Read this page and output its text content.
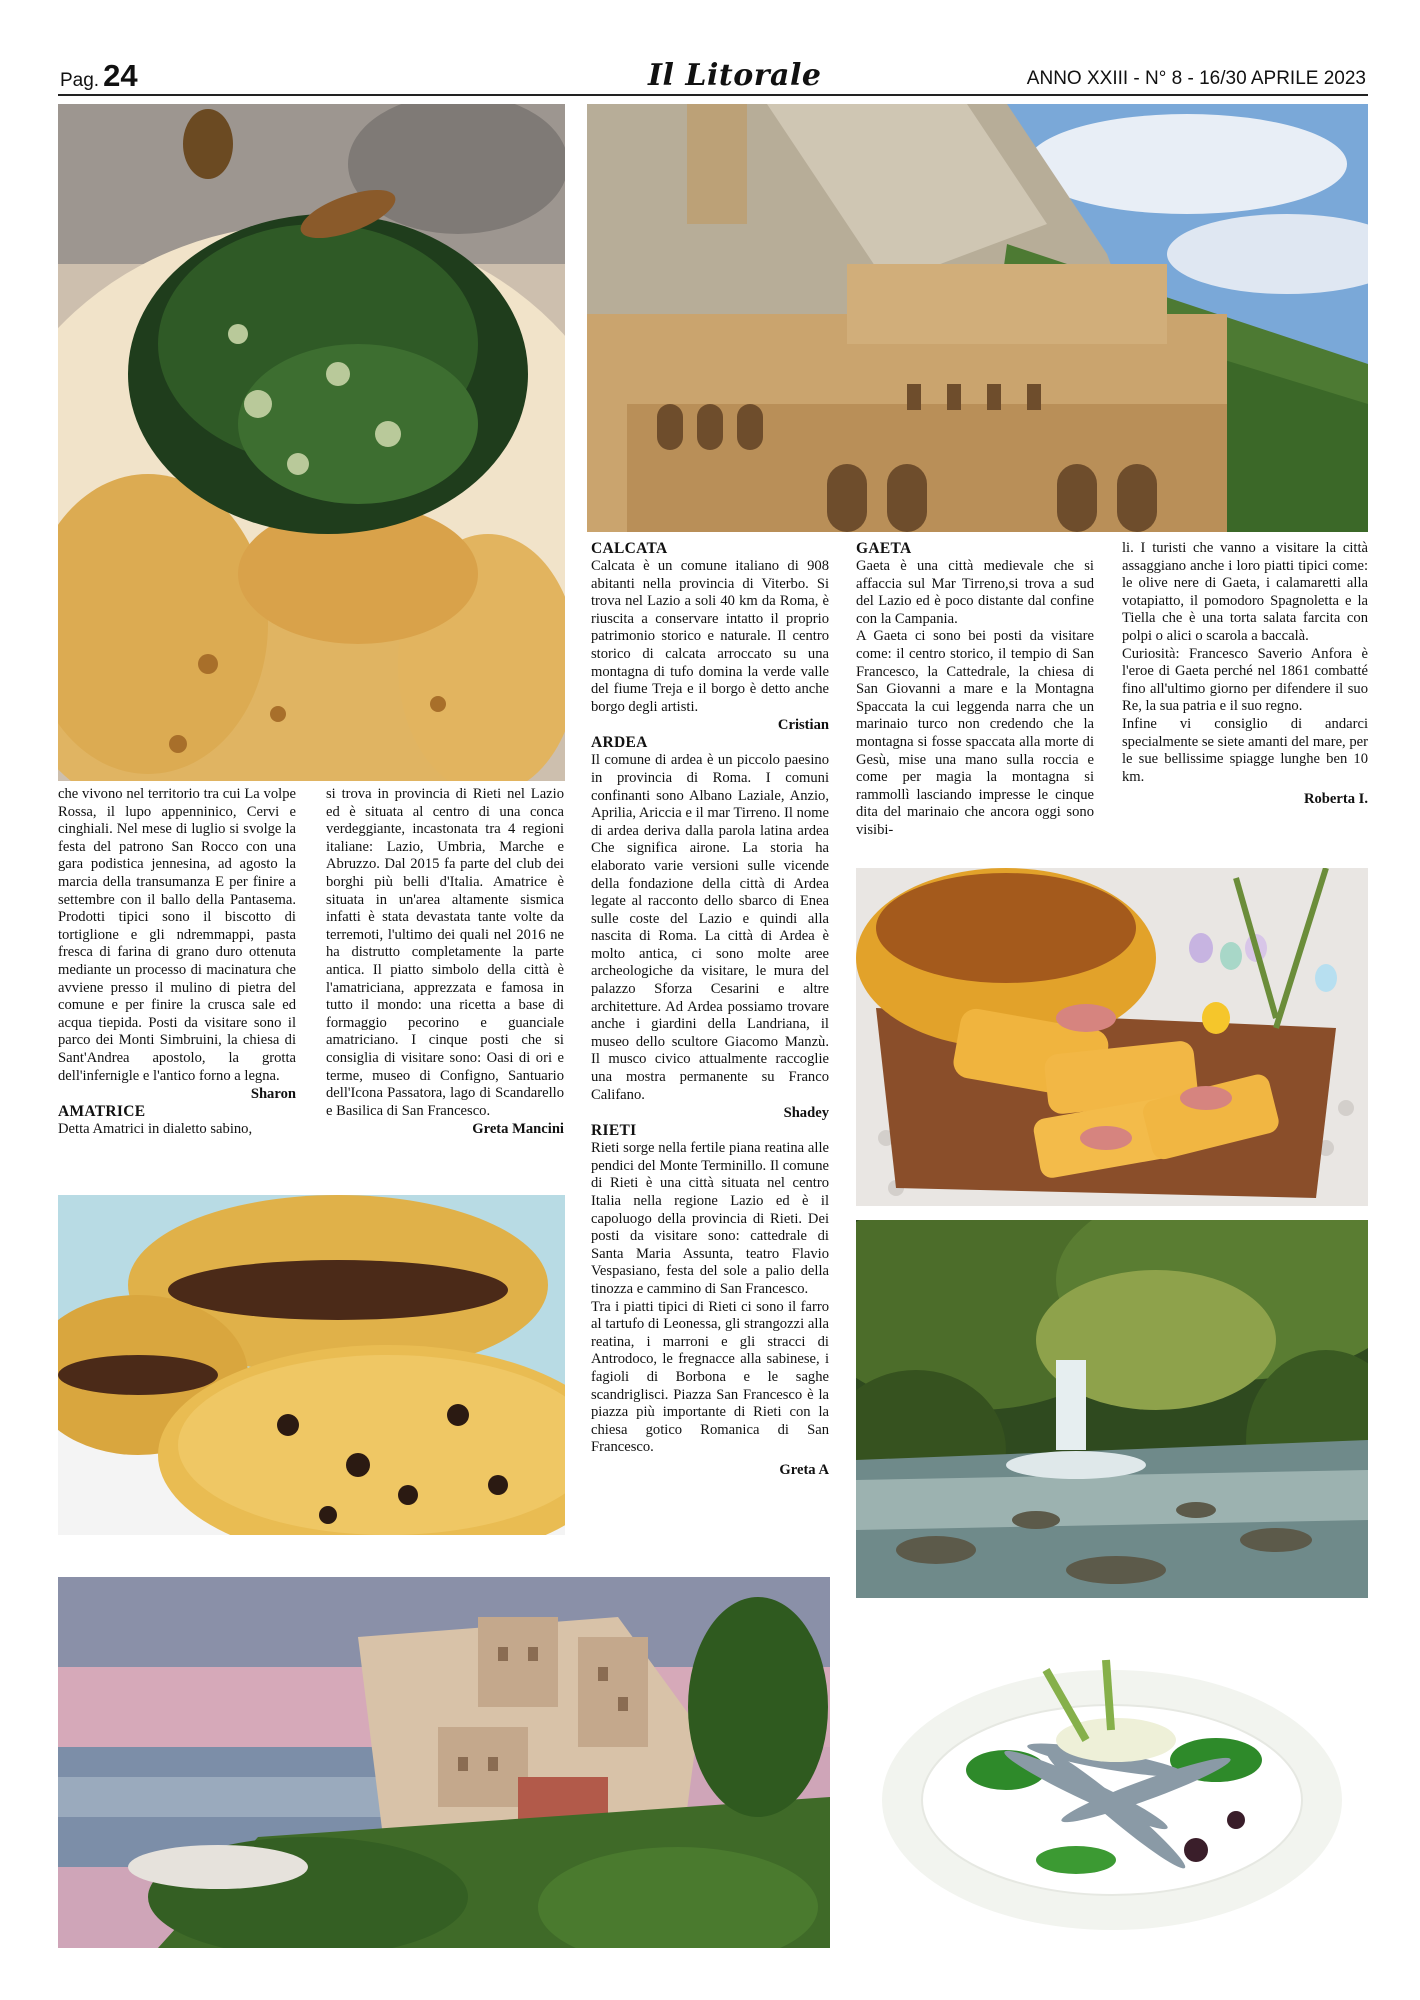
Pag. 24	Il Litorale	ANNO XXIII - N° 8 - 16/30 APRILE 2023

che vivono nel territorio tra cui La volpe Rossa, il lupo appenninico, Cervi e cinghiali. Nel mese di luglio si svolge la festa del patrono San Rocco con una gara podistica jennesina, ad agosto la marcia della transumanza E per finire a settembre con il ballo della Pantasema. Prodotti tipici sono il biscotto di tortiglione e gli ndremmappi, pasta fresca di farina di grano duro ottenuta mediante un processo di macinatura che avviene presso il mulino di pietra del comune e per finire la crusca sale ed acqua tiepida. Posti da visitare sono il parco dei Monti Simbruini, la chiesa di Sant'Andrea apostolo, la grotta dell'infernigle e l'antico forno a legna.

Sharon
AMATRICE

Detta Amatrici in dialetto sabino,

si trova in provincia di Rieti nel Lazio ed è situata al centro di una conca verdeggiante, incastonata tra 4 regioni italiane: Lazio, Umbria, Marche e Abruzzo. Dal 2015 fa parte del club dei borghi più belli d'Italia. Amatrice è situata in un'area altamente sismica infatti è stata devastata tante volte da terremoti, l'ultimo dei quali nel 2016 ne ha distrutto completamente la parte antica. Il piatto simbolo della città è l'amatriciana, apprezzata e famosa in tutto il mondo: una ricetta a base di formaggio pecorino e guanciale amatriciano. I cinque posti che si consiglia di visitare sono: Oasi di ori e terme, museo di Configno, Santuario dell'Icona Passatora, lago di Scandarello e Basilica di San Francesco.

Greta Mancini
CALCATA

Calcata è un comune italiano di 908 abitanti nella provincia di Viterbo. Si trova nel Lazio a soli 40 km da Roma, è riuscita a conservare intatto il proprio patrimonio storico e naturale. Il centro storico di calcata arroccato su una montagna di tufo domina la verde valle del fiume Treja e il borgo è detto anche borgo degli artisti.

Cristian
ARDEA

Il comune di ardea è un piccolo paesino in provincia di Roma. I comuni confinanti sono Albano Laziale, Anzio, Aprilia, Ariccia e il mar Tirreno. Il nome di ardea deriva dalla parola latina ardea Che significa airone. La storia ha elaborato varie versioni sulle vicende della fondazione della città di Ardea legate al racconto dello sbarco di Enea sulle coste del Lazio e quindi alla nascita di Roma. La città di Ardea è molto antica, ci sono molte aree archeologiche da visitare, le mura del palazzo Sforza Cesarini e altre architetture. Ad Ardea possiamo trovare anche i giardini della Landriana, il museo dello scultore Giacomo Manzù. Il musco civico attualmente raccoglie una mostra permanente su Franco Califano.

Shadey
RIETI

Rieti sorge nella fertile piana reatina alle pendici del Monte Terminillo. Il comune di Rieti è una città situata nel centro Italia nella regione Lazio ed è il capoluogo della provincia di Rieti. Dei posti da visitare sono: cattedrale di Santa Maria Assunta, teatro Flavio Vespasiano, festa del sole a palio della tinozza e cammino di San Francesco.

Tra i piatti tipici di Rieti ci sono il farro al tartufo di Leonessa, gli strangozzi alla reatina, i marroni e gli stracci di Antrodoco, le fregnacce alla sabinese, i fagioli di Borbona e le saghe scandriglisci. Piazza San Francesco è la piazza più importante di Rieti con la chiesa gotico Romanica di San Francesco.

Greta A
GAETA

Gaeta è una città medievale che si affaccia sul Mar Tirreno,si trova a sud del Lazio ed è poco distante dal confine con la Campania.

A Gaeta ci sono bei posti da visitare come: il centro storico, il tempio di San Francesco, la Cattedrale, la chiesa di San Giovanni a mare e la Montagna Spaccata la cui leggenda narra che un marinaio turco non credendo che la montagna si fosse spaccata alla morte di Gesù, mise una mano sulla roccia e come per magia la montagna si rammollì lasciando impresse le cinque dita del marinaio che ancora oggi sono visibi-

li. I turisti che vanno a visitare la città assaggiano anche i loro piatti tipici come: le olive nere di Gaeta, i calamaretti alla votapiatto, il pomodoro Spagnoletta e la Tiella che è una torta salata farcita con polpi o alici o scarola a baccalà.

Curiosità: Francesco Saverio Anfora è l'eroe di Gaeta perché nel 1861 combatté fino all'ultimo giorno per difendere il suo Re, la sua patria e il suo regno.

Infine vi consiglio di andarci specialmente se siete amanti del mare, per le sue bellissime spiagge lunghe ben 10 km.

Roberta I.
